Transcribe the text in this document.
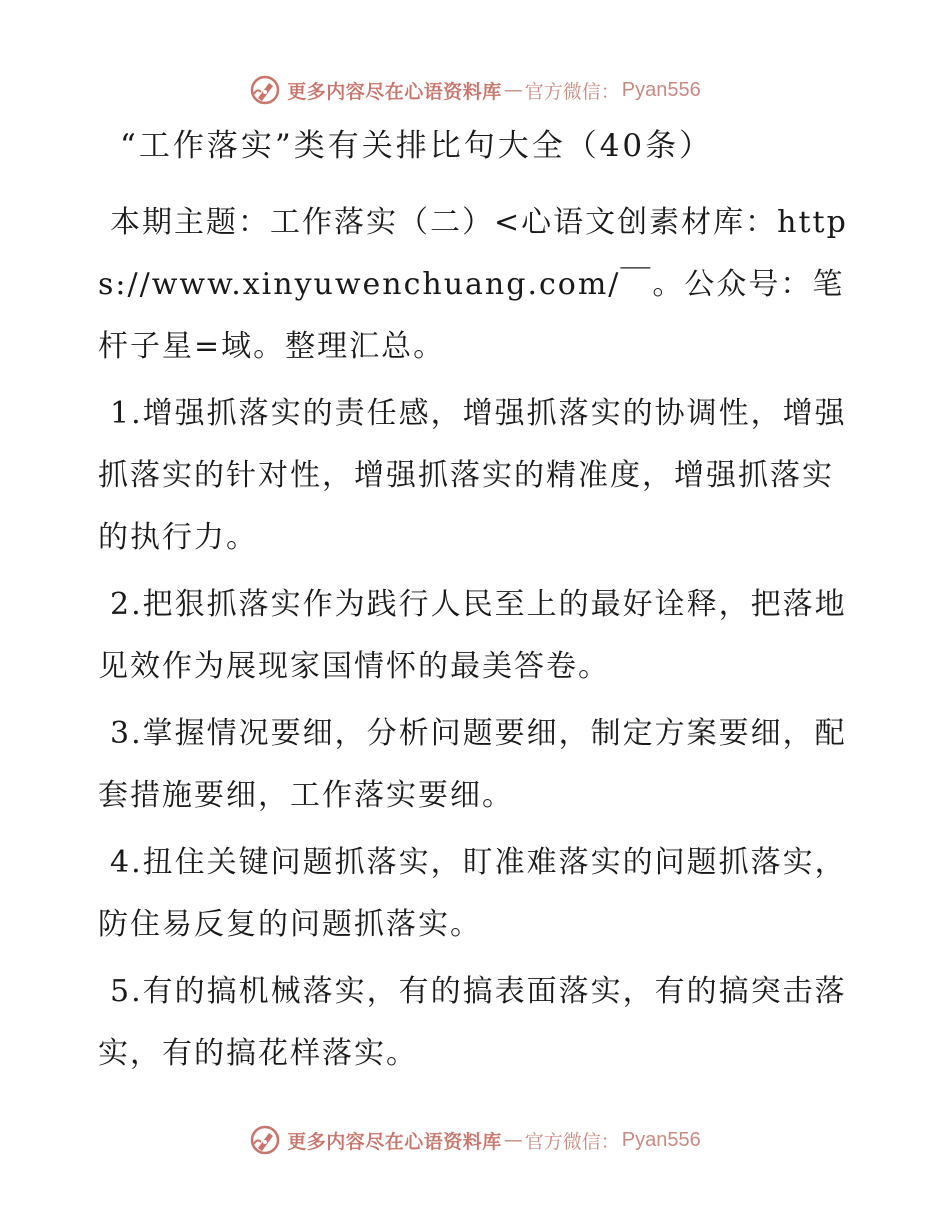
更多内容尽在心语资料库 — 官方微信： Pyan556
“工作落实”类有关排比句大全（40条）

本期主题：工作落实（二）<心语文创素材库：https://www.xinyuwenchuang.com/￣。公众号：笔杆子星=域。整理汇总。

1.增强抓落实的责任感，增强抓落实的协调性，增强抓落实的针对性，增强抓落实的精准度，增强抓落实的执行力。

2.把狠抓落实作为践行人民至上的最好诠释，把落地见效作为展现家国情怀的最美答卷。

3.掌握情况要细，分析问题要细，制定方案要细，配套措施要细，工作落实要细。

4.扭住关键问题抓落实，盯准难落实的问题抓落实，防住易反复的问题抓落实。

5.有的搞机械落实，有的搞表面落实，有的搞突击落实，有的搞花样落实。

更多内容尽在心语资料库 — 官方微信： Pyan556
